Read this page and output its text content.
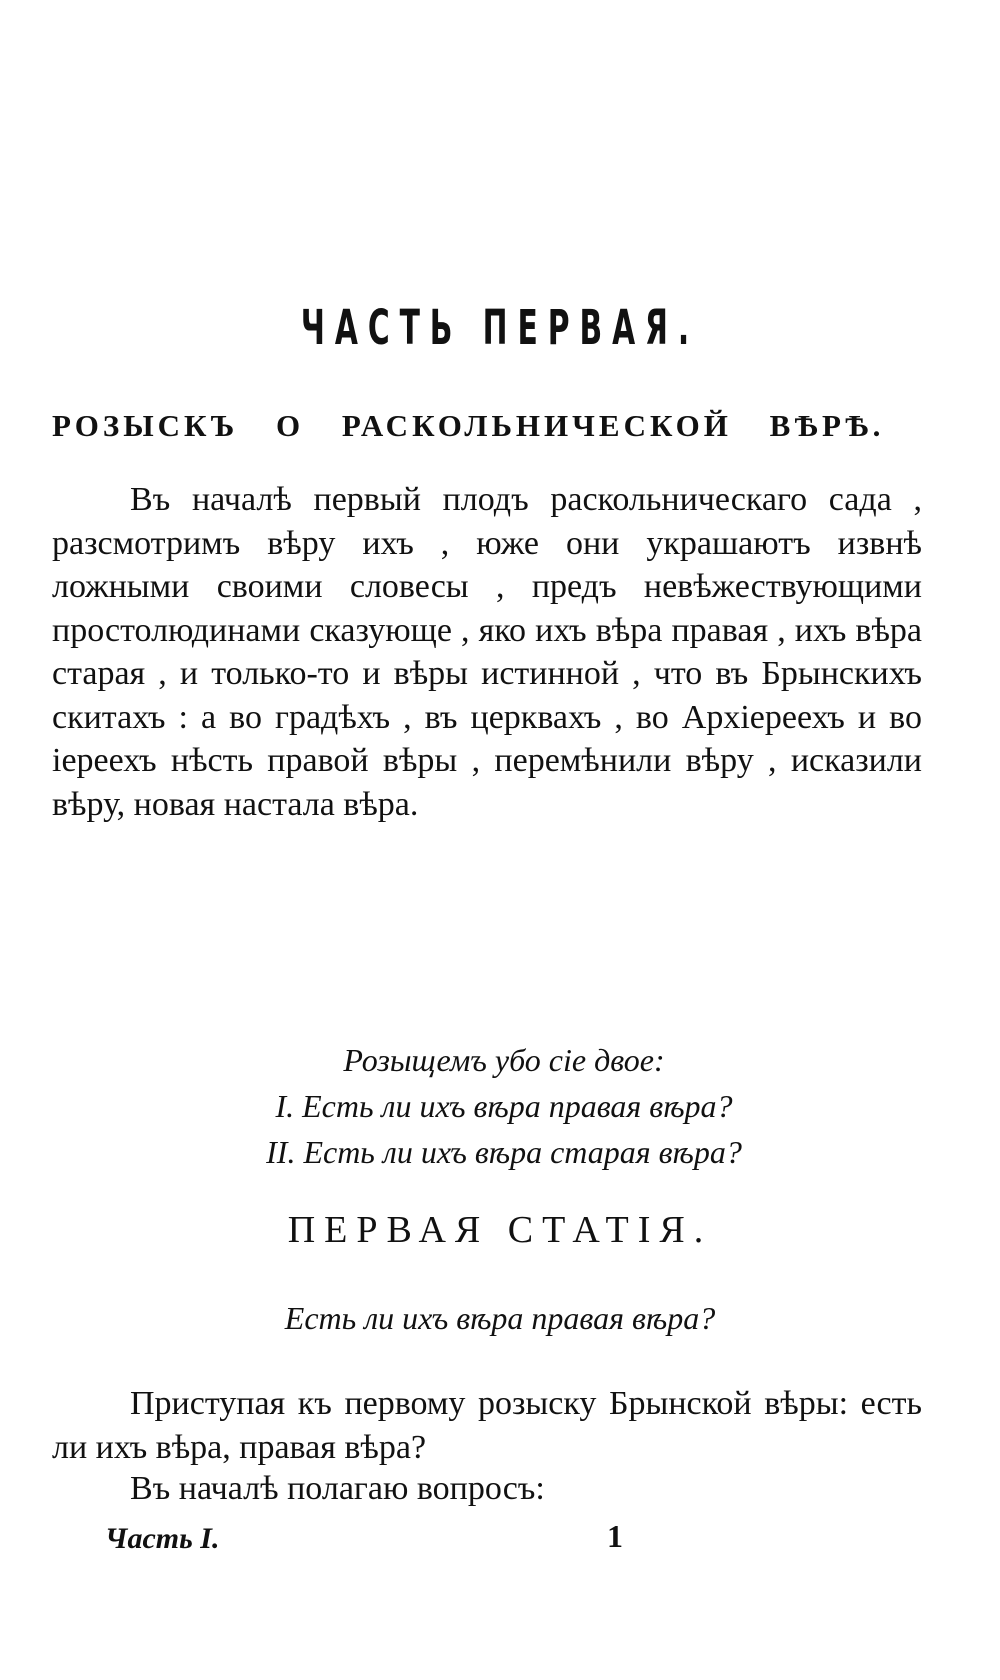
ЧАСТЬ ПЕРВАЯ.
РОЗЫСКЪ О РАСКОЛЬНИЧЕСКОЙ ВѢРѢ.
Въ началѣ первый плодъ раскольническаго сада , разсмотримъ вѣру ихъ , юже они украшаютъ извнѣ ложными своими словесы , предъ невѣжествующими простолюдинами сказующе , яко ихъ вѣра правая , ихъ вѣра старая , и только-то и вѣры истинной , что въ Брынскихъ скитахъ : а во градѣхъ , въ церквахъ , во Архіереехъ и во іереехъ нѣсть правой вѣры , перемѣнили вѣру , исказили вѣру, новая настала вѣра.
Розыщемъ убо сіе двое:
I. Есть ли ихъ вѣра правая вѣра?
II. Есть ли ихъ вѣра старая вѣра?
ПЕРВАЯ СТАТІЯ.
Есть ли ихъ вѣра правая вѣра?
Приступая къ первому розыску Брынской вѣры: есть ли ихъ вѣра, правая вѣра?
Въ началѣ полагаю вопросъ:
Часть I.	1
